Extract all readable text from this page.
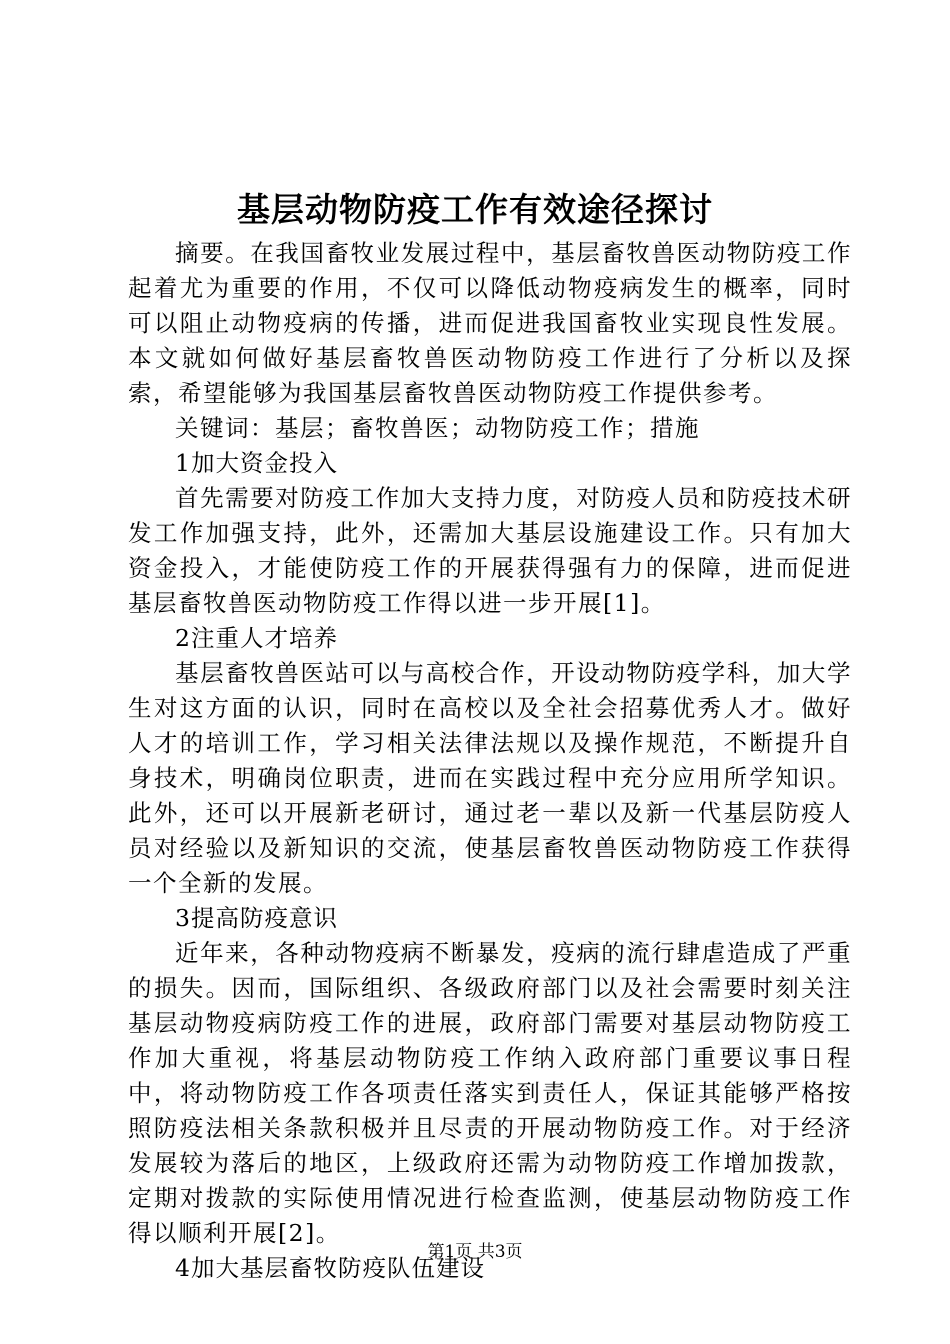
基层动物防疫工作有效途径探讨

摘要。在我国畜牧业发展过程中，基层畜牧兽医动物防疫工作起着尤为重要的作用，不仅可以降低动物疫病发生的概率，同时可以阻止动物疫病的传播，进而促进我国畜牧业实现良性发展。本文就如何做好基层畜牧兽医动物防疫工作进行了分析以及探索，希望能够为我国基层畜牧兽医动物防疫工作提供参考。

关键词：基层；畜牧兽医；动物防疫工作；措施

1加大资金投入

首先需要对防疫工作加大支持力度，对防疫人员和防疫技术研发工作加强支持，此外，还需加大基层设施建设工作。只有加大资金投入，才能使防疫工作的开展获得强有力的保障，进而促进基层畜牧兽医动物防疫工作得以进一步开展[1]。

2注重人才培养

基层畜牧兽医站可以与高校合作，开设动物防疫学科，加大学生对这方面的认识，同时在高校以及全社会招募优秀人才。做好人才的培训工作，学习相关法律法规以及操作规范，不断提升自身技术，明确岗位职责，进而在实践过程中充分应用所学知识。此外，还可以开展新老研讨，通过老一辈以及新一代基层防疫人员对经验以及新知识的交流，使基层畜牧兽医动物防疫工作获得一个全新的发展。

3提高防疫意识

近年来，各种动物疫病不断暴发，疫病的流行肆虐造成了严重的损失。因而，国际组织、各级政府部门以及社会需要时刻关注基层动物疫病防疫工作的进展，政府部门需要对基层动物防疫工作加大重视，将基层动物防疫工作纳入政府部门重要议事日程中，将动物防疫工作各项责任落实到责任人，保证其能够严格按照防疫法相关条款积极并且尽责的开展动物防疫工作。对于经济发展较为落后的地区，上级政府还需为动物防疫工作增加拨款，定期对拨款的实际使用情况进行检查监测，使基层动物防疫工作得以顺利开展[2]。

4加大基层畜牧防疫队伍建设

第1页 共3页
